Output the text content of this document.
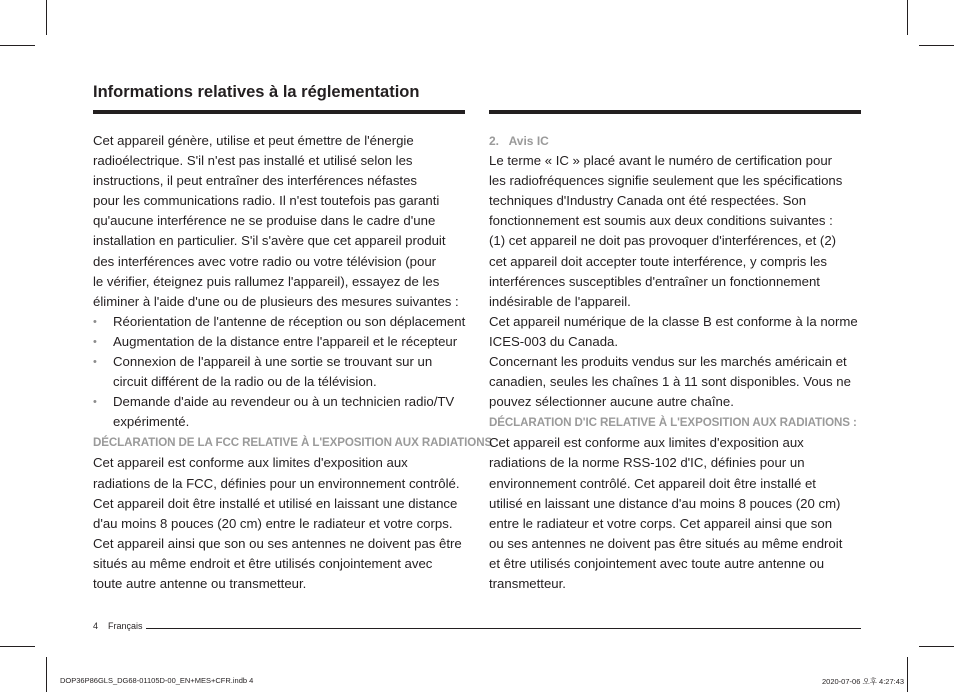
Informations relatives à la réglementation
Cet appareil génère, utilise et peut émettre de l'énergie
radioélectrique. S'il n'est pas installé et utilisé selon les
instructions, il peut entraîner des interférences néfastes
pour les communications radio. Il n'est toutefois pas garanti
qu'aucune interférence ne se produise dans le cadre d'une
installation en particulier. S'il s'avère que cet appareil produit
des interférences avec votre radio ou votre télévision (pour
le vérifier, éteignez puis rallumez l'appareil), essayez de les
éliminer à l'aide d'une ou de plusieurs des mesures suivantes :
• Réorientation de l'antenne de réception ou son déplacement
• Augmentation de la distance entre l'appareil et le récepteur
• Connexion de l'appareil à une sortie se trouvant sur un
circuit différent de la radio ou de la télévision.
• Demande d'aide au revendeur ou à un technicien radio/TV
expérimenté.
DÉCLARATION DE LA FCC RELATIVE À L'EXPOSITION AUX RADIATIONS :
Cet appareil est conforme aux limites d'exposition aux
radiations de la FCC, définies pour un environnement contrôlé.
Cet appareil doit être installé et utilisé en laissant une distance
d'au moins 8 pouces (20 cm) entre le radiateur et votre corps.
Cet appareil ainsi que son ou ses antennes ne doivent pas être
situés au même endroit et être utilisés conjointement avec
toute autre antenne ou transmetteur.
2. Avis IC
Le terme « IC » placé avant le numéro de certification pour
les radiofréquences signifie seulement que les spécifications
techniques d'Industry Canada ont été respectées. Son
fonctionnement est soumis aux deux conditions suivantes :
(1) cet appareil ne doit pas provoquer d'interférences, et (2)
cet appareil doit accepter toute interférence, y compris les
interférences susceptibles d'entraîner un fonctionnement
indésirable de l'appareil.
Cet appareil numérique de la classe B est conforme à la norme
ICES-003 du Canada.
Concernant les produits vendus sur les marchés américain et
canadien, seules les chaînes 1 à 11 sont disponibles. Vous ne
pouvez sélectionner aucune autre chaîne.
DÉCLARATION D'IC RELATIVE À L'EXPOSITION AUX RADIATIONS :
Cet appareil est conforme aux limites d'exposition aux
radiations de la norme RSS-102 d'IC, définies pour un
environnement contrôlé. Cet appareil doit être installé et
utilisé en laissant une distance d'au moins 8 pouces (20 cm)
entre le radiateur et votre corps. Cet appareil ainsi que son
ou ses antennes ne doivent pas être situés au même endroit
et être utilisés conjointement avec toute autre antenne ou
transmetteur.
4 Français
DOP36P86GLS_DG68-01105D-00_EN+MES+CFR.indb 4	2020-07-06 오후 4:27:43
